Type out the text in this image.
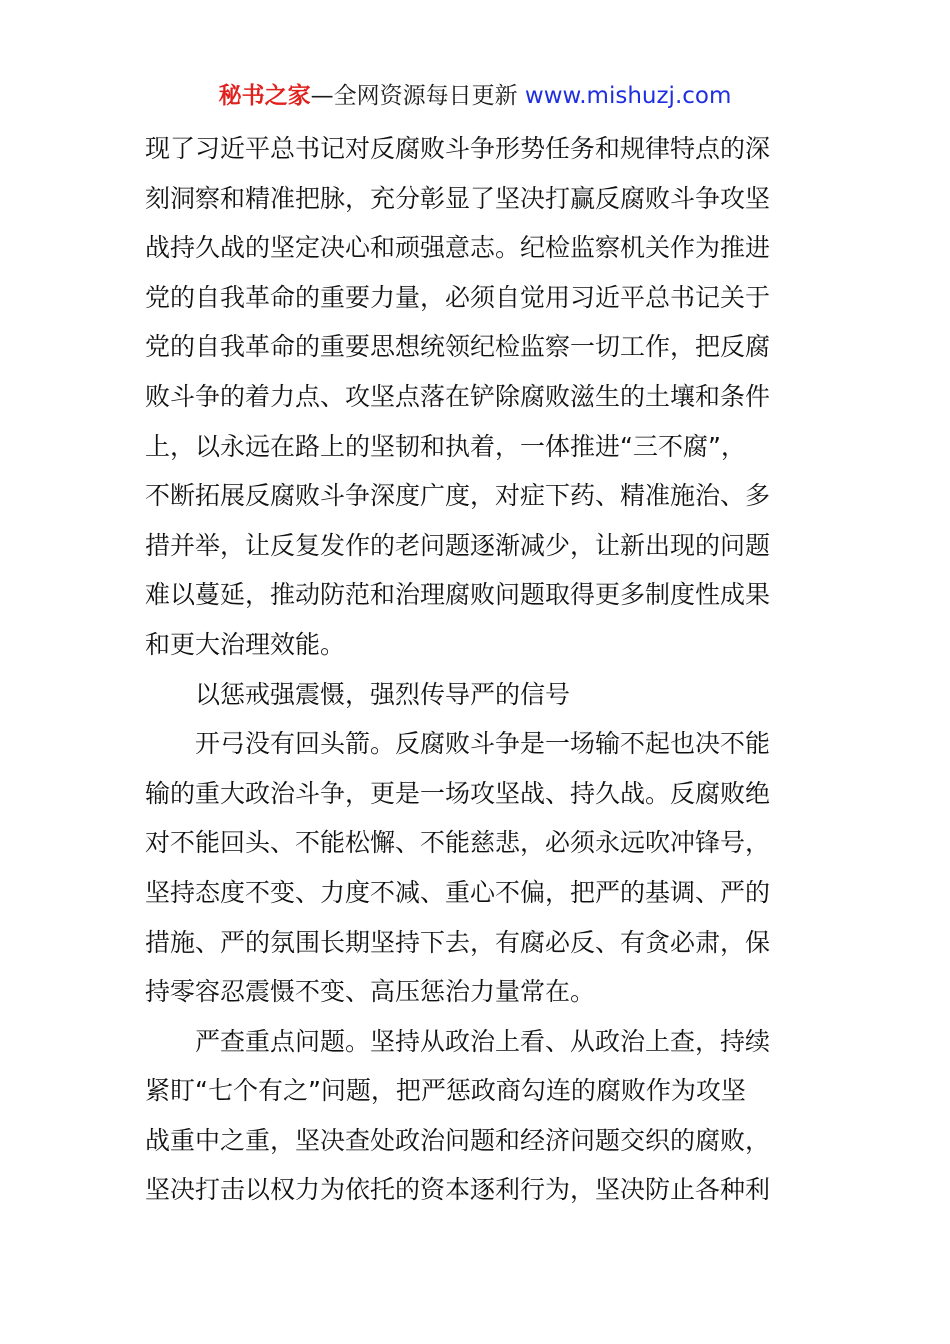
秘书之家—全网资源每日更新 www.mishuzj.com
现了习近平总书记对反腐败斗争形势任务和规律特点的深
刻洞察和精准把脉，充分彰显了坚决打赢反腐败斗争攻坚
战持久战的坚定决心和顽强意志。纪检监察机关作为推进
党的自我革命的重要力量，必须自觉用习近平总书记关于
党的自我革命的重要思想统领纪检监察一切工作，把反腐
败斗争的着力点、攻坚点落在铲除腐败滋生的土壤和条件
上，以永远在路上的坚韧和执着，一体推进“三不腐”，
不断拓展反腐败斗争深度广度，对症下药、精准施治、多
措并举，让反复发作的老问题逐渐减少，让新出现的问题
难以蔓延，推动防范和治理腐败问题取得更多制度性成果
和更大治理效能。
以惩戒强震慑，强烈传导严的信号
开弓没有回头箭。反腐败斗争是一场输不起也决不能
输的重大政治斗争，更是一场攻坚战、持久战。反腐败绝
对不能回头、不能松懈、不能慈悲，必须永远吹冲锋号，
坚持态度不变、力度不减、重心不偏，把严的基调、严的
措施、严的氛围长期坚持下去，有腐必反、有贪必肃，保
持零容忍震慑不变、高压惩治力量常在。
严查重点问题。坚持从政治上看、从政治上查，持续
紧盯“七个有之”问题，把严惩政商勾连的腐败作为攻坚
战重中之重，坚决查处政治问题和经济问题交织的腐败，
坚决打击以权力为依托的资本逐利行为，坚决防止各种利
